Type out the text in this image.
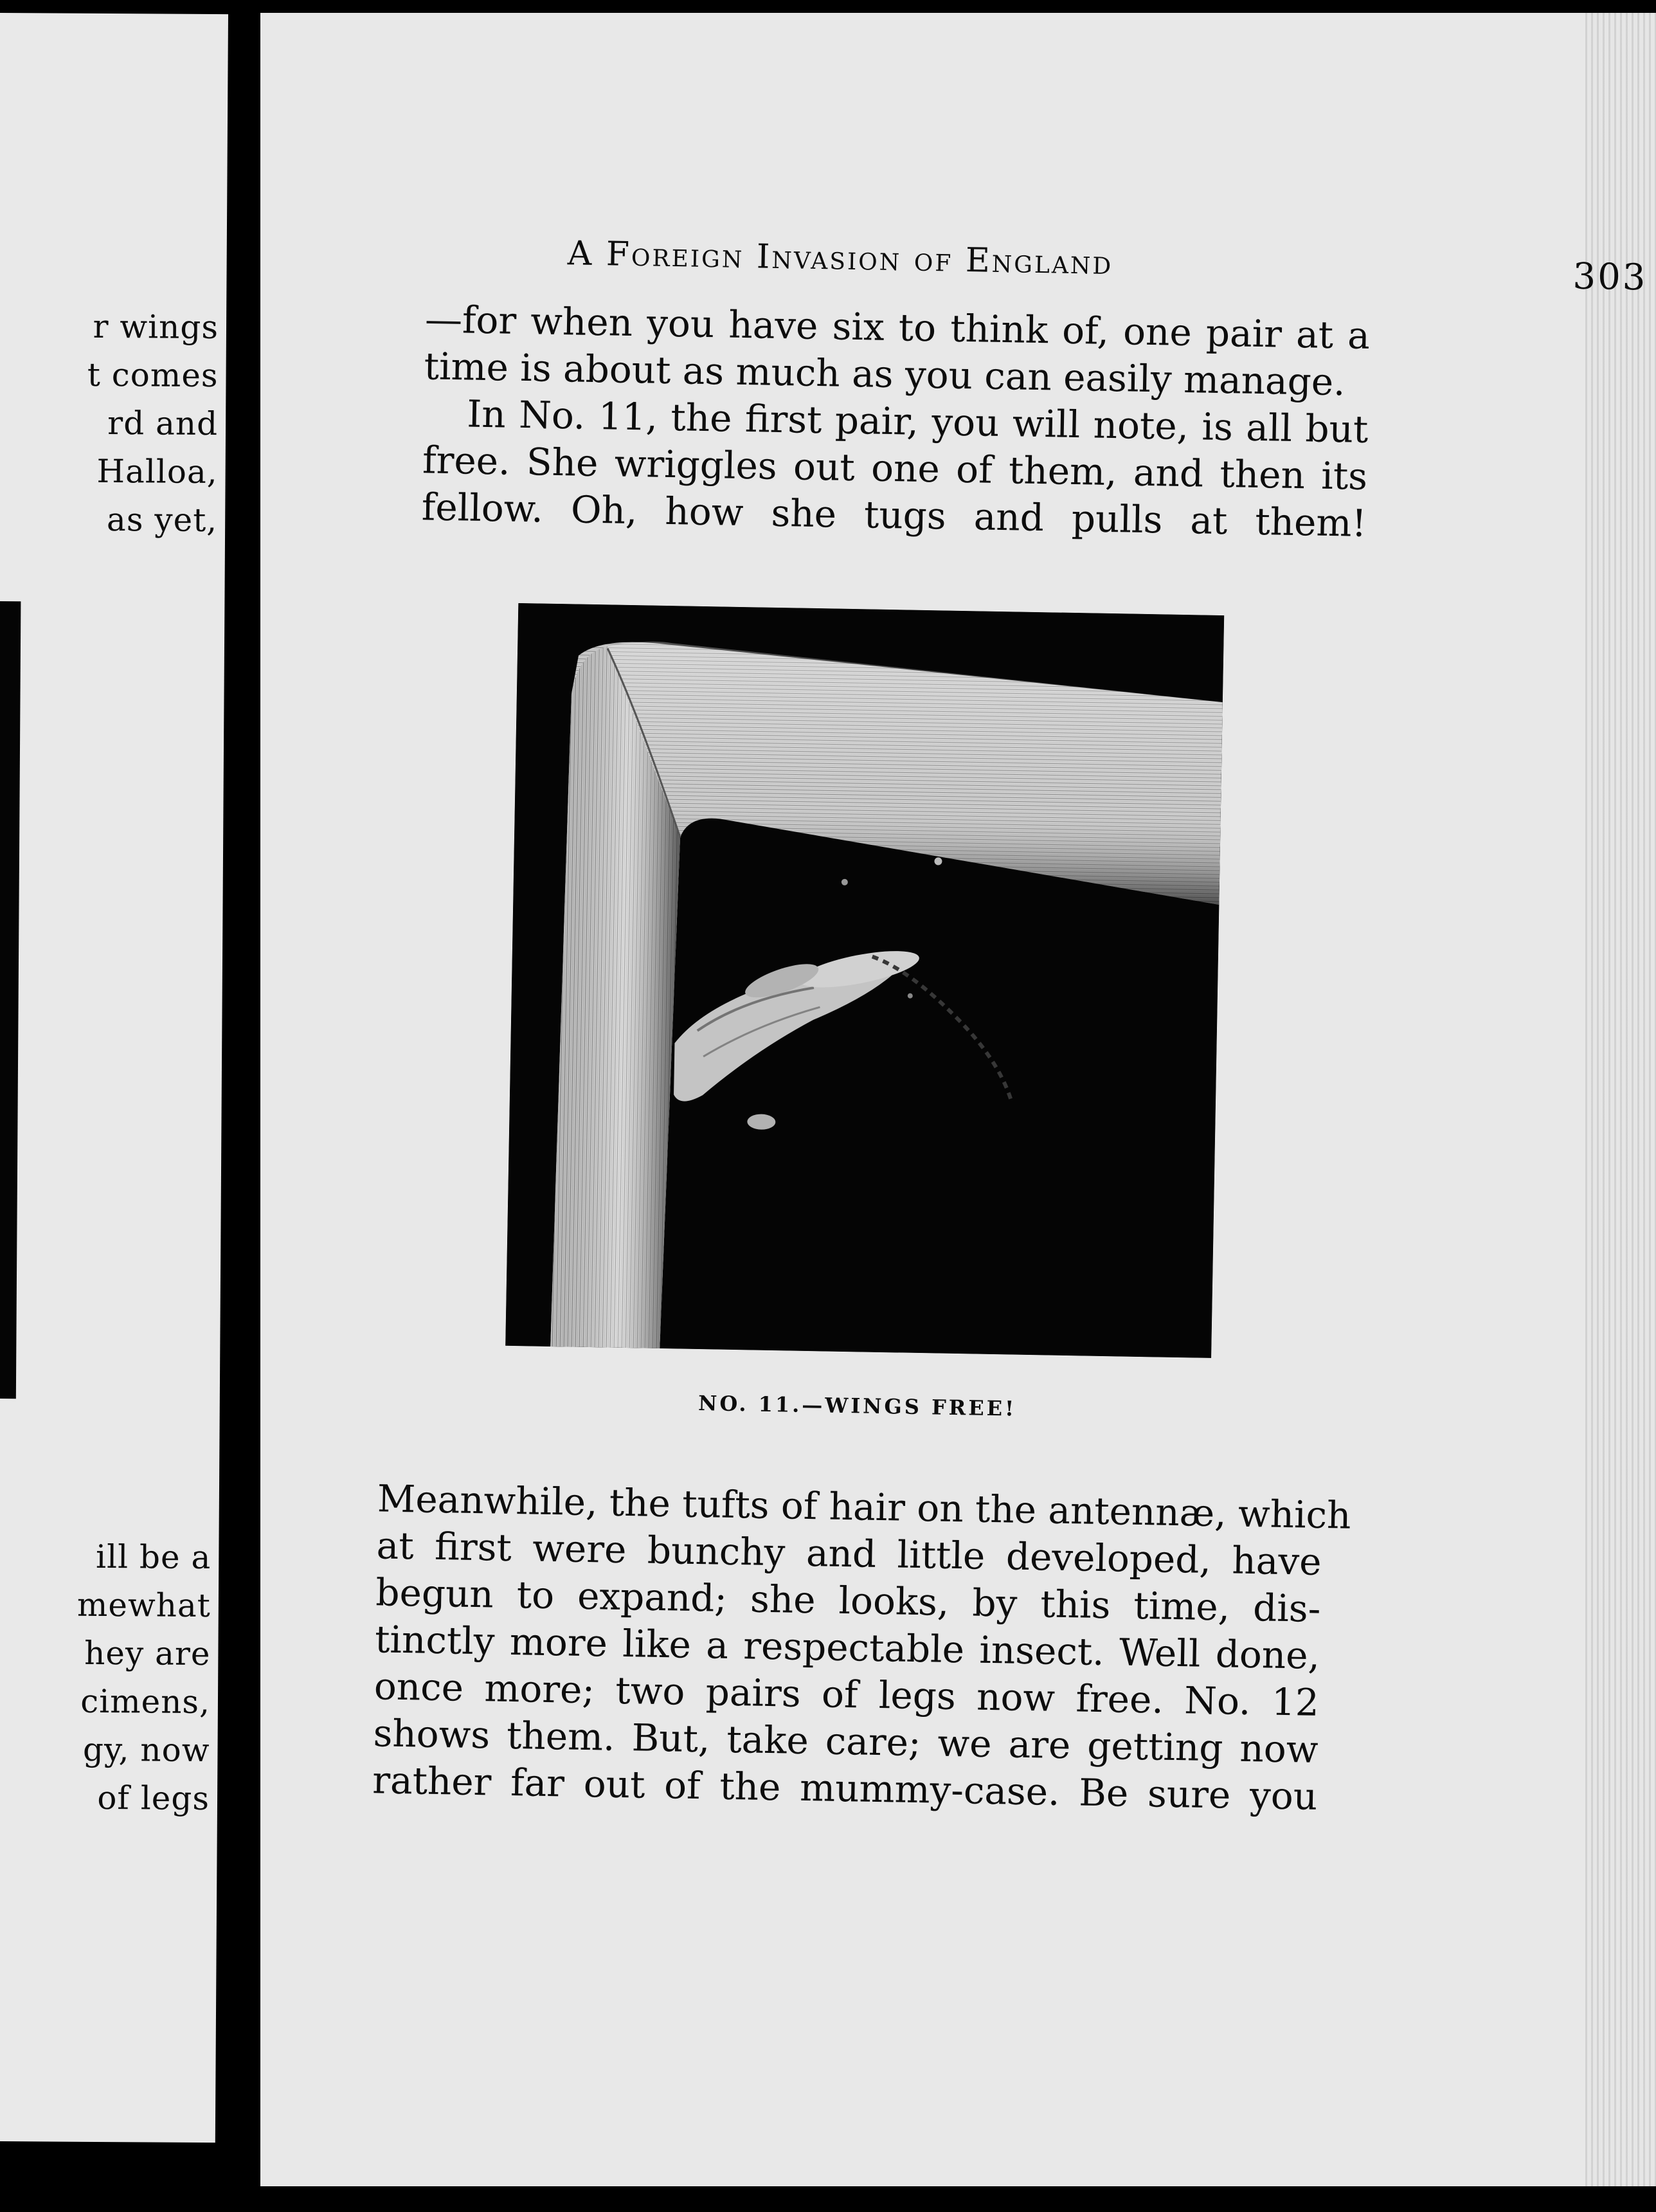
r wings
t comes
rd and
Halloa,
as yet,
ill be a
mewhat
hey are
cimens,
gy, now
of legs
A Foreign Invasion of England	303
—for when you have six to think of, one pair at a
time is about as much as you can easily manage.
In No. 11, the first pair, you will note, is all but
free. She wriggles out one of them, and then its
fellow. Oh, how she tugs and pulls at them!
NO. 11.—WINGS FREE!
Meanwhile, the tufts of hair on the antennæ, which
at first were bunchy and little developed, have
begun to expand; she looks, by this time, dis-
tinctly more like a respectable insect. Well done,
once more; two pairs of legs now free. No. 12
shows them. But, take care; we are getting now
rather far out of the mummy-case. Be sure you
